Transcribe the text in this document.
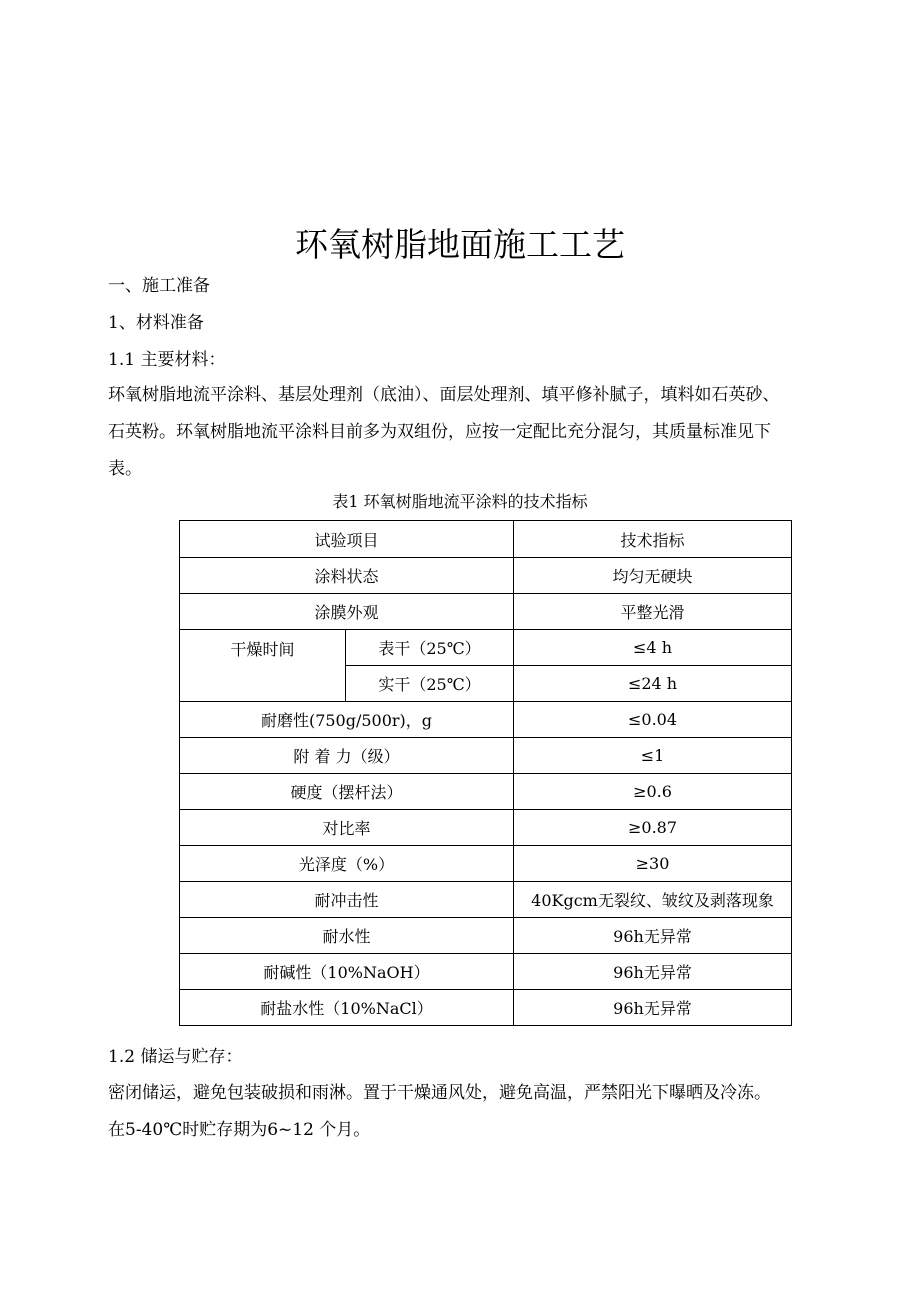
环氧树脂地面施工工艺
一、施工准备
1、材料准备
1.1 主要材料：
环氧树脂地流平涂料、基层处理剂（底油）、面层处理剂、填平修补腻子，填料如石英砂、
石英粉。环氧树脂地流平涂料目前多为双组份，应按一定配比充分混匀，其质量标准见下
表。
表1 环氧树脂地流平涂料的技术指标
试验项目		技术指标
涂料状态		均匀无硬块
涂膜外观		平整光滑
干燥时间	表干（25℃）	≤4 h
	实干（25℃）	≤24 h
耐磨性(750g/500r)，g		≤0.04
附 着 力（级）		≤1
硬度（摆杆法）		≥0.6
对比率		≥0.87
光泽度（%）		≥30
耐冲击性		40Kgcm无裂纹、皱纹及剥落现象
耐水性		96h无异常
耐碱性（10%NaOH）		96h无异常
耐盐水性（10%NaCl）		96h无异常
1.2 储运与贮存：
密闭储运，避免包装破损和雨淋。置于干燥通风处，避免高温，严禁阳光下曝晒及冷冻。
在5-40℃时贮存期为6~12 个月。
